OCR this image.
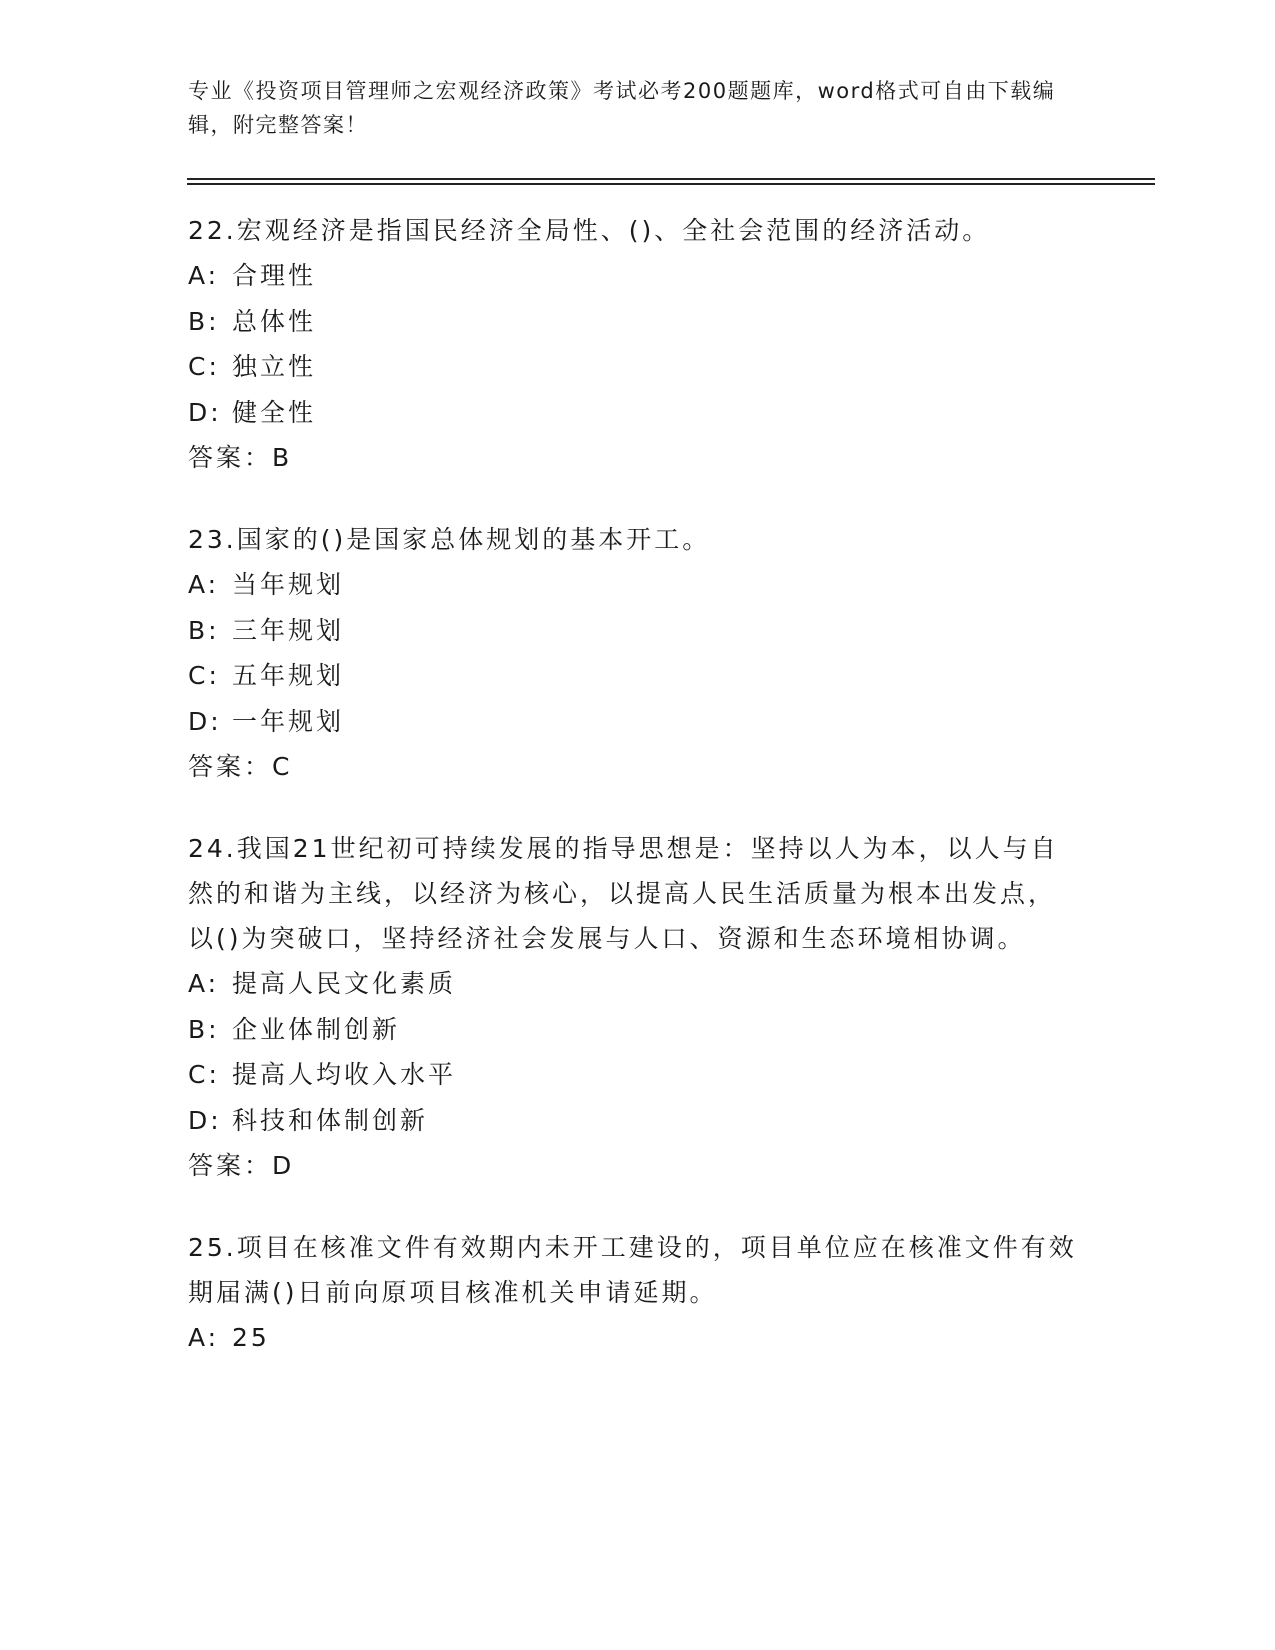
专业《投资项目管理师之宏观经济政策》考试必考200题题库，word格式可自由下载编辑，附完整答案！

22.宏观经济是指国民经济全局性、()、全社会范围的经济活动。

A: 合理性

B: 总体性

C: 独立性

D: 健全性

答案：B

23.国家的()是国家总体规划的基本开工。

A: 当年规划

B: 三年规划

C: 五年规划

D: 一年规划

答案：C

24.我国21世纪初可持续发展的指导思想是：坚持以人为本，以人与自然的和谐为主线，以经济为核心，以提高人民生活质量为根本出发点，以()为突破口，坚持经济社会发展与人口、资源和生态环境相协调。

A: 提高人民文化素质

B: 企业体制创新

C: 提高人均收入水平

D: 科技和体制创新

答案：D

25.项目在核准文件有效期内未开工建设的，项目单位应在核准文件有效期届满()日前向原项目核准机关申请延期。

A: 25
